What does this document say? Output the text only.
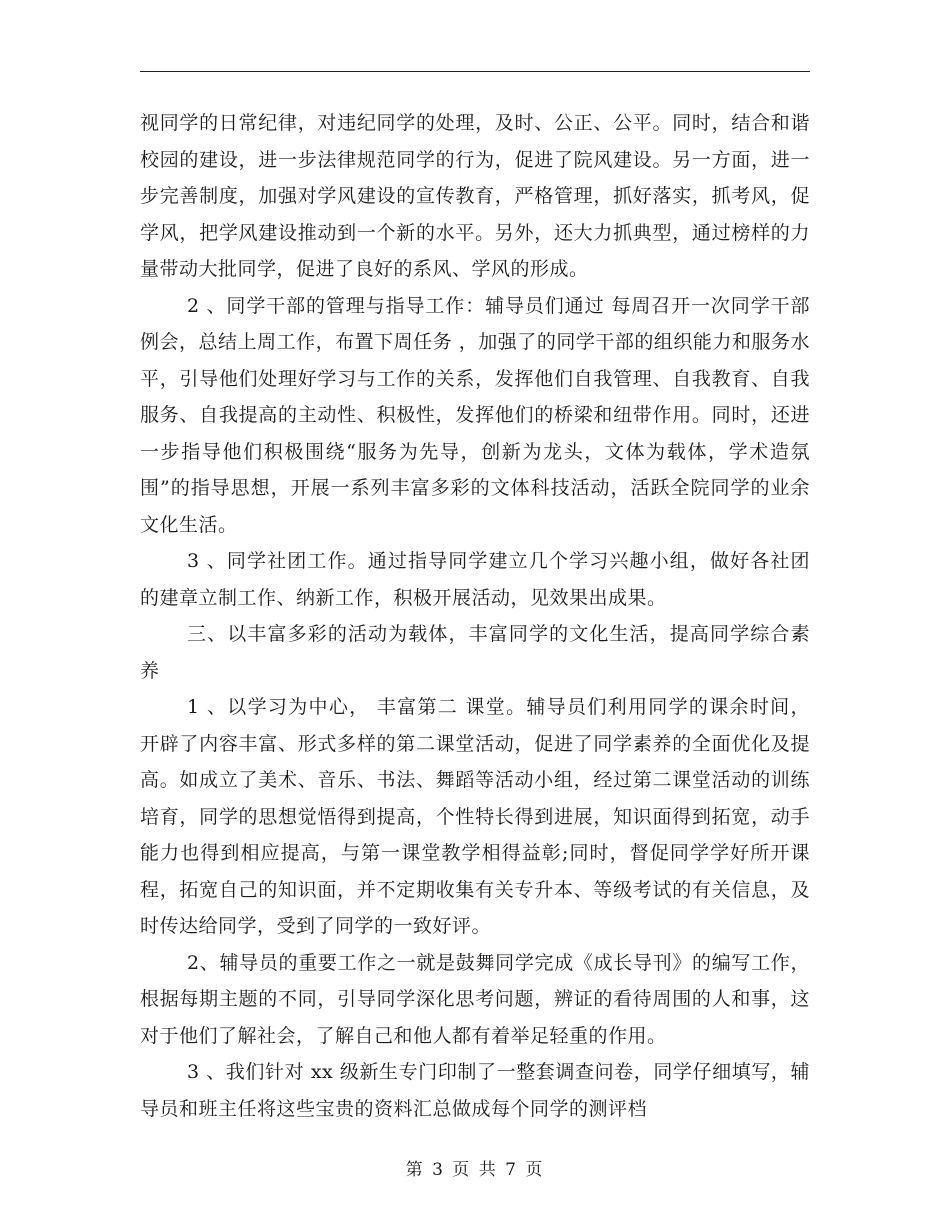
视同学的日常纪律，对违纪同学的处理，及时、公正、公平。同时，结合和谐校园的建设，进一步法律规范同学的行为，促进了院风建设。另一方面，进一步完善制度，加强对学风建设的宣传教育，严格管理，抓好落实，抓考风，促学风，把学风建设推动到一个新的水平。另外，还大力抓典型，通过榜样的力量带动大批同学，促进了良好的系风、学风的形成。

2 、同学干部的管理与指导工作：辅导员们通过 每周召开一次同学干部例会，总结上周工作，布置下周任务 ，加强了的同学干部的组织能力和服务水平，引导他们处理好学习与工作的关系，发挥他们自我管理、自我教育、自我服务、自我提高的主动性、积极性，发挥他们的桥梁和纽带作用。同时，还进一步指导他们积极围绕“服务为先导，创新为龙头，文体为载体，学术造氛围”的指导思想，开展一系列丰富多彩的文体科技活动，活跃全院同学的业余文化生活。

3 、同学社团工作。通过指导同学建立几个学习兴趣小组，做好各社团的建章立制工作、纳新工作，积极开展活动，见效果出成果。

三、以丰富多彩的活动为载体，丰富同学的文化生活，提高同学综合素养

1 、以学习为中心， 丰富第二 课堂。辅导员们利用同学的课余时间， 开辟了内容丰富、形式多样的第二课堂活动，促进了同学素养的全面优化及提高。如成立了美术、音乐、书法、舞蹈等活动小组，经过第二课堂活动的训练培育，同学的思想觉悟得到提高，个性特长得到进展，知识面得到拓宽，动手能力也得到相应提高，与第一课堂教学相得益彰;同时，督促同学学好所开课程，拓宽自己的知识面，并不定期收集有关专升本、等级考试的有关信息，及时传达给同学，受到了同学的一致好评。

2、辅导员的重要工作之一就是鼓舞同学完成《成长导刊》的编写工作，根据每期主题的不同，引导同学深化思考问题，辨证的看待周围的人和事，这对于他们了解社会，了解自己和他人都有着举足轻重的作用。

3 、我们针对 xx 级新生专门印制了一整套调查问卷，同学仔细填写，辅导员和班主任将这些宝贵的资料汇总做成每个同学的测评档

第 3 页 共 7 页
